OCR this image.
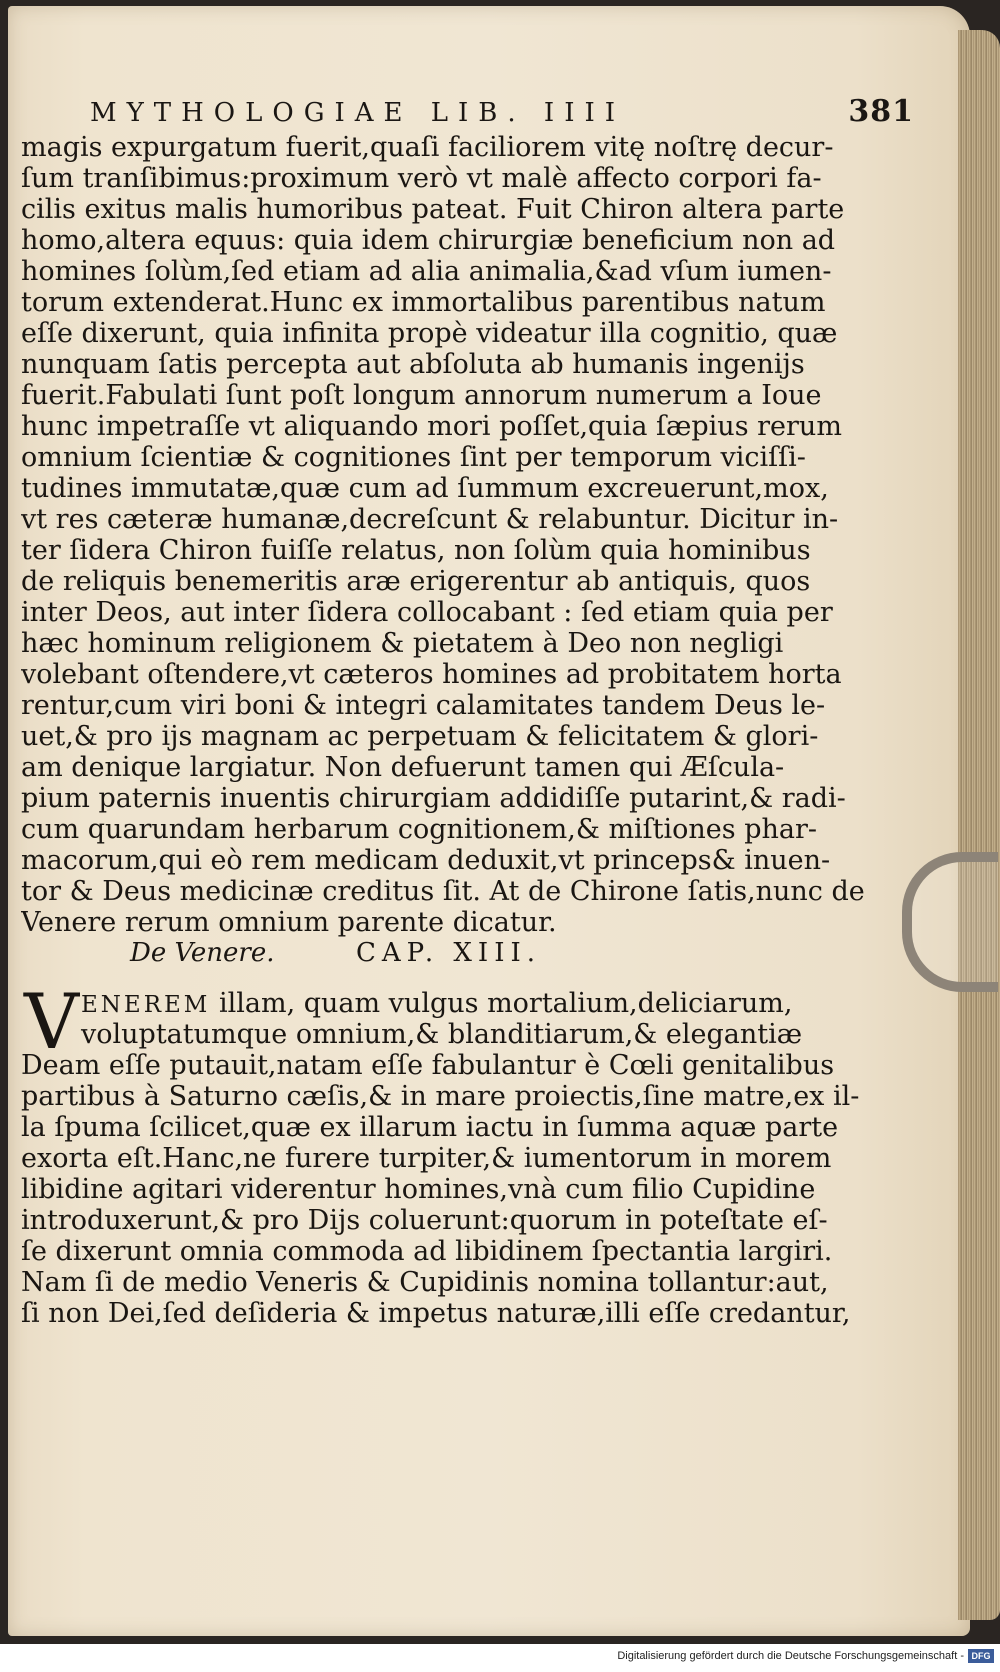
MYTHOLOGIAE LIB. IIII	381
magis expurgatum fuerit,quaſi faciliorem vitę noſtrę decur-
ſum tranſibimus:proximum verò vt malè affecto corpori fa-
cilis exitus malis humoribus pateat. Fuit Chiron altera parte
homo,altera equus: quia idem chirurgiæ beneficium non ad
homines ſolùm,ſed etiam ad alia animalia,&ad vſum iumen-
torum extenderat.Hunc ex immortalibus parentibus natum
eſſe dixerunt, quia infinita propè videatur illa cognitio, quæ
nunquam ſatis percepta aut abſoluta ab humanis ingenijs
fuerit.Fabulati ſunt poſt longum annorum numerum a Ioue
hunc impetraſſe vt aliquando mori poſſet,quia ſæpius rerum
omnium ſcientiæ & cognitiones ſint per temporum viciſſi-
tudines immutatæ,quæ cum ad ſummum excreuerunt,mox,
vt res cæteræ humanæ,decreſcunt & relabuntur. Dicitur in-
ter ſidera Chiron fuiſſe relatus, non ſolùm quia hominibus
de reliquis benemeritis aræ erigerentur ab antiquis, quos
inter Deos, aut inter ſidera collocabant : ſed etiam quia per
hæc hominum religionem & pietatem à Deo non negligi
volebant oſtendere,vt cæteros homines ad probitatem horta
rentur,cum viri boni & integri calamitates tandem Deus le-
uet,& pro ijs magnam ac perpetuam & felicitatem & glori-
am denique largiatur. Non defuerunt tamen qui Æſcula-
pium paternis inuentis chirurgiam addidiſſe putarint,& radi-
cum quarundam herbarum cognitionem,& miſtiones phar-
macorum,qui eò rem medicam deduxit,vt princeps& inuen-
tor & Deus medicinæ creditus ſit. At de Chirone ſatis,nunc de
Venere rerum omnium parente dicatur.
De Venere.	CAP. XIII.
V ENEREM illam, quam vulgus mortalium,deliciarum,
voluptatumque omnium,& blanditiarum,& elegantiæ
Deam eſſe putauit,natam eſſe fabulantur è Cœli genitalibus
partibus à Saturno cæſis,& in mare proiectis,ſine matre,ex il-
la ſpuma ſcilicet,quæ ex illarum iactu in ſumma aquæ parte
exorta eſt.Hanc,ne furere turpiter,& iumentorum in morem
libidine agitari viderentur homines,vnà cum filio Cupidine
introduxerunt,& pro Dijs coluerunt:quorum in poteſtate eſ-
ſe dixerunt omnia commoda ad libidinem ſpectantia largiri.
Nam ſi de medio Veneris & Cupidinis nomina tollantur:aut,
ſi non Dei,ſed deſideria & impetus naturæ,illi eſſe credantur,
Digitalisierung gefördert durch die Deutsche Forschungsgemeinschaft - DFG
